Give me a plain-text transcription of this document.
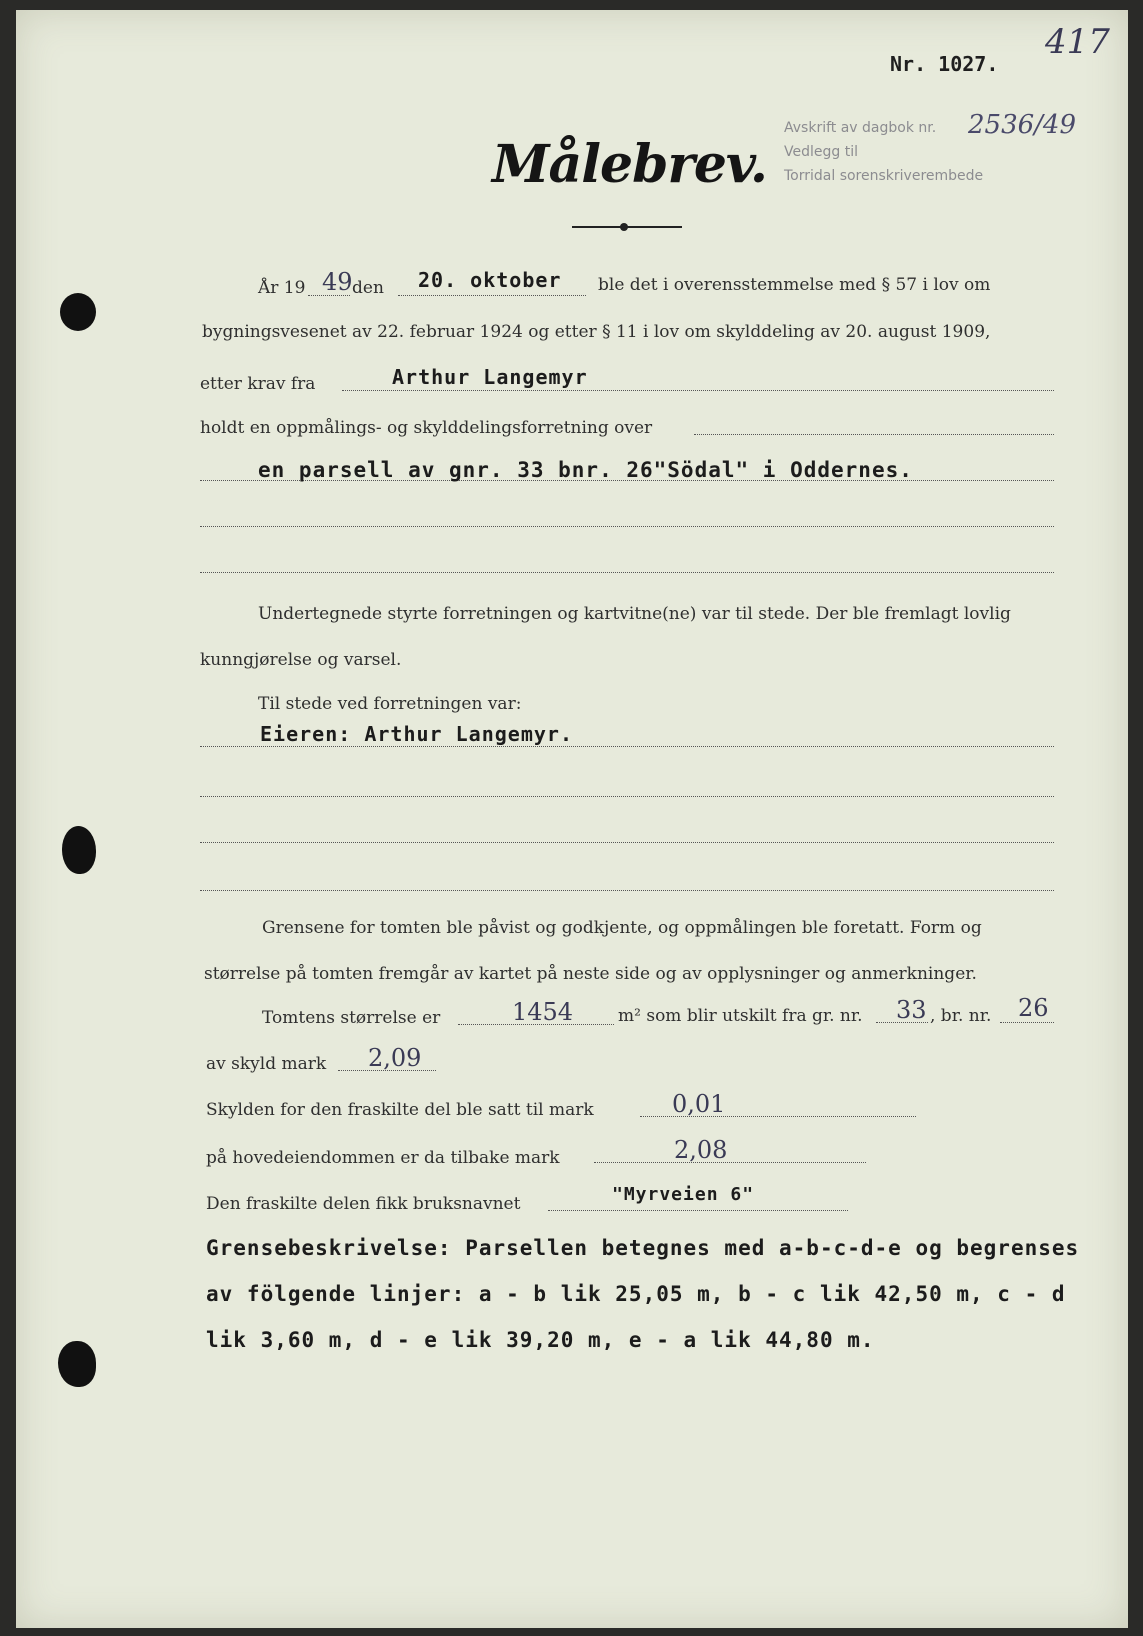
417
Nr. 1027.
Avskrift av dagbok nr.
Vedlegg til
Torridal sorenskriverembede
2536/49
Målebrev.
År 19 49 den 20. oktober ble det i overensstemmelse med § 57 i lov om
bygningsvesenet av 22. februar 1924 og etter § 11 i lov om skylddeling av 20. august 1909,
etter krav fra	Arthur Langemyr
holdt en oppmålings- og skylddelingsforretning over
en parsell av gnr. 33 bnr. 26"Södal" i Oddernes.
Undertegnede styrte forretningen og kartvitne(ne) var til stede. Der ble fremlagt lovlig
kunngjørelse og varsel.
Til stede ved forretningen var:
Eieren: Arthur Langemyr.
Grensene for tomten ble påvist og godkjente, og oppmålingen ble foretatt. Form og
størrelse på tomten fremgår av kartet på neste side og av opplysninger og anmerkninger.
Tomtens størrelse er	1454	m² som blir utskilt fra gr. nr. 33 , br. nr. 26
av skyld mark 2,09
Skylden for den fraskilte del ble satt til mark	0,01
på hovedeiendommen er da tilbake mark	2,08
Den fraskilte delen fikk bruksnavnet	"Myrveien 6"
Grensebeskrivelse: Parsellen betegnes med a-b-c-d-e og begrenses
av fölgende linjer: a - b lik 25,05 m, b - c lik 42,50 m, c - d
lik 3,60 m, d - e lik 39,20 m, e - a lik 44,80 m.
